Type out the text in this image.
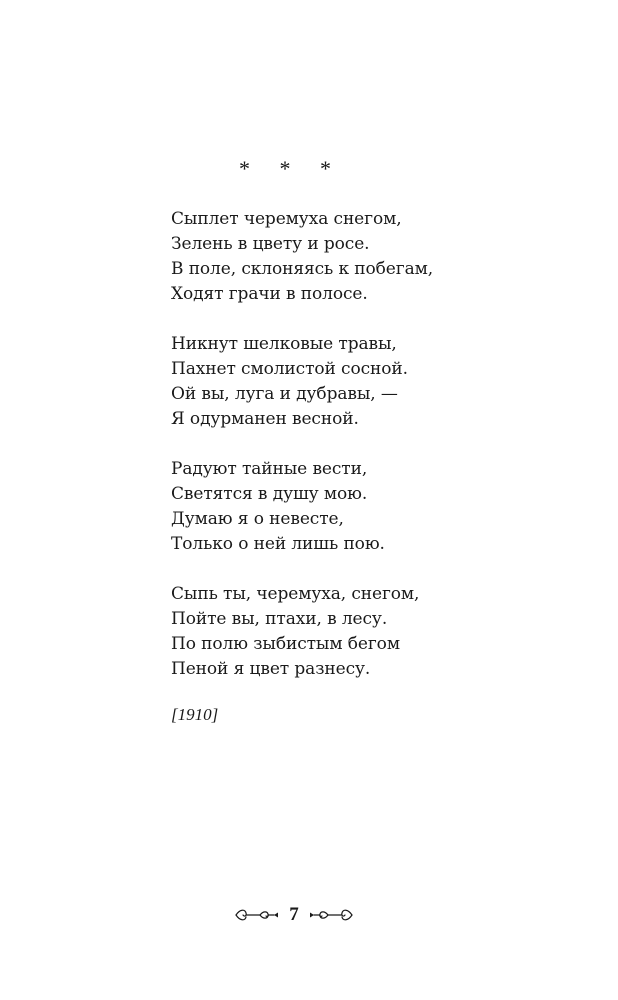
* * *
Сыплет черемуха снегом,
Зелень в цвету и росе.
В поле, склоняясь к побегам,
Ходят грачи в полосе.
Никнут шелковые травы,
Пахнет смолистой сосной.
Ой вы, луга и дубравы, —
Я одурманен весной.
Радуют тайные вести,
Светятся в душу мою.
Думаю я о невесте,
Только о ней лишь пою.
Сыпь ты, черемуха, снегом,
Пойте вы, птахи, в лесу.
По полю зыбистым бегом
Пеной я цвет разнесу.
[1910]
7
